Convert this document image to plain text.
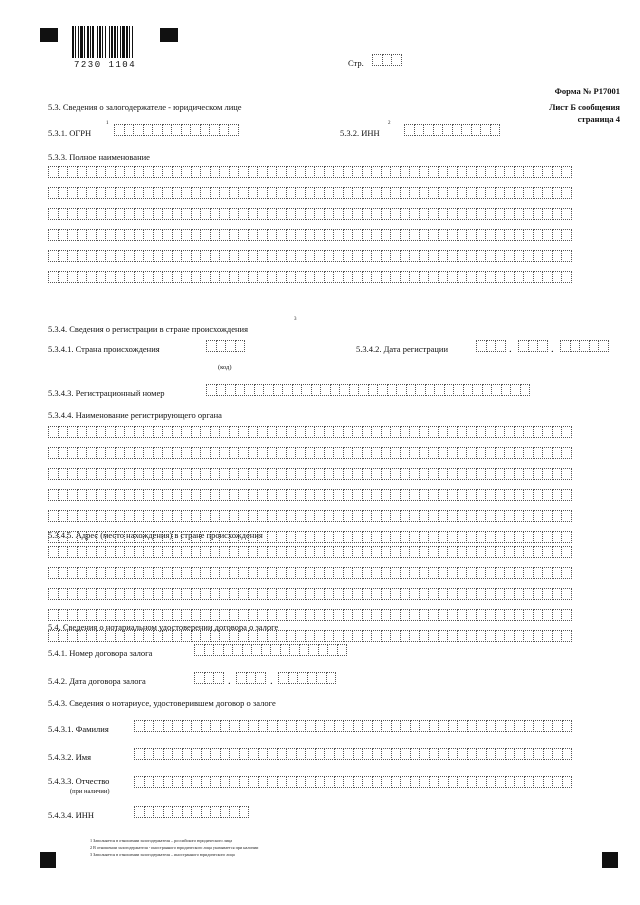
7230 1104	Стр.
Форма № Р17001
Лист Б сообщения
страница 4
5.3. Сведения о залогодержателе - юридическом лице
5.3.1. ОГРН
1
5.3.2. ИНН
2
5.3.3. Полное наименование
5.3.4. Сведения о регистрации в стране происхождения
3
5.3.4.1. Страна происхождения
(код)
5.3.4.2. Дата регистрации	.	.
5.3.4.3. Регистрационный номер
5.3.4.4. Наименование регистрирующего органа
5.3.4.5. Адрес (место нахождения) в стране происхождения
5.4. Сведения о нотариальном удостоверении договора о залоге
5.4.1. Номер договора залога
5.4.2. Дата договора залога	.	.
5.4.3. Сведения о нотариусе, удостоверившем договор о залоге
5.4.3.1. Фамилия
5.4.3.2. Имя
5.4.3.3. Отчество
(при наличии)
5.4.3.4. ИНН
1 Заполняется в отношении залогодержателя – российского юридического лица
2 В отношении залогодержателя - иностранного юридического лица указывается при наличии
3 Заполняется в отношении залогодержателя – иностранного юридического лица
